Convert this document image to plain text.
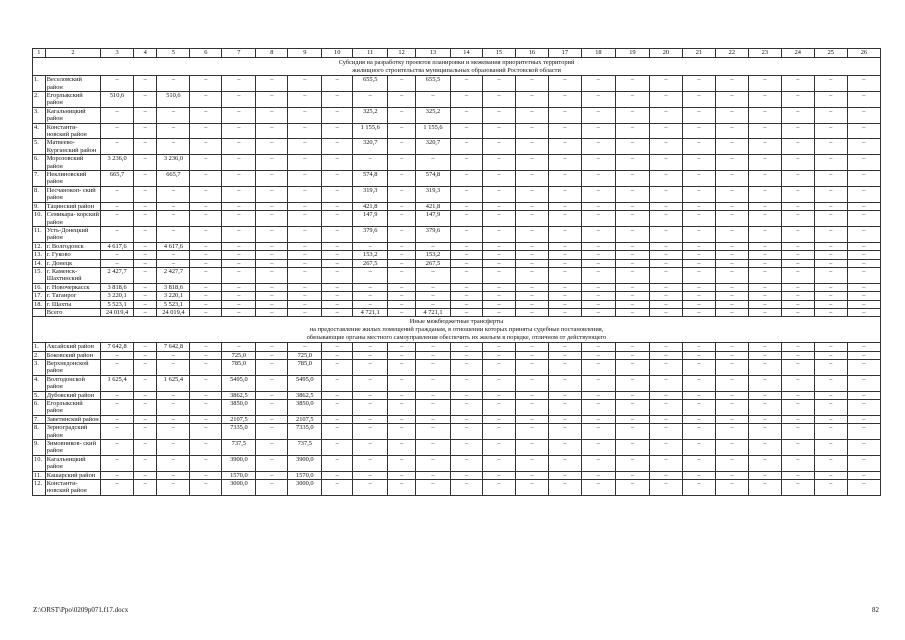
1	2	3	4	5	6	7	8	9	10	11	12	13	14	15	16	17	18	19	20	21	22	23	24	25	26

Субсидия на разработку проектов планировки и межевания приоритетных территорий
жилищного строительства муниципальных образований Ростовской области																									

1.	Веселовский район	–	–	–	–	–	–	–	–	655,5	–	655,5	–	–	–	–	–	–	–	–	–	–	–	–	–
2.	Егорлыкский район	510,6	–	510,6	–	–	–	–	–	–	–	–	–	–	–	–	–	–	–	–	–	–	–	–	–
3.	Кагальницкий район	–	–	–	–	–	–	–	–	325,2	–	325,2	–	–	–	–	–	–	–	–	–	–	–	–	–
4.	Константи- новский район	–	–	–	–	–	–	–	–	1 155,6	–	1 155,6	–	–	–	–	–	–	–	–	–	–	–	–	–
5.	Матвеево- Курганский район	–	–	–	–	–	–	–	–	320,7	–	320,7	–	–	–	–	–	–	–	–	–	–	–	–	–
6.	Морозовский район	3 236,0	–	3 236,0	–	–	–	–	–	–	–	–	–	–	–	–	–	–	–	–	–	–	–	–	–
7.	Неклиновский район	665,7	–	665,7	–	–	–	–	–	574,8	–	574,8	–	–	–	–	–	–	–	–	–	–	–	–	–
8.	Песчанокоп- ский район	–	–	–	–	–	–	–	–	319,3	–	319,3	–	–	–	–	–	–	–	–	–	–	–	–	–
9.	Тацинский район	–	–	–	–	–	–	–	–	421,8	–	421,8	–	–	–	–	–	–	–	–	–	–	–	–	–
10.	Семикара- корский район	–	–	–	–	–	–	–	–	147,9	–	147,9	–	–	–	–	–	–	–	–	–	–	–	–	–
11.	Усть-Донецкий район	–	–	–	–	–	–	–	–	379,6	–	379,6	–	–	–	–	–	–	–	–	–	–	–	–	–
12.	г. Волгодонск	4 617,6	–	4 617,6	–	–	–	–	–	–	–	–	–	–	–	–	–	–	–	–	–	–	–	–	–
13.	г. Гуково	–	–	–	–	–	–	–	–	153,2	–	153,2	–	–	–	–	–	–	–	–	–	–	–	–	–
14.	г. Донецк	–	–	–	–	–	–	–	–	267,5	–	267,5	–	–	–	–	–	–	–	–	–	–	–	–	–
15.	г. Каменск- Шахтинский	2 427,7	–	2 427,7	–	–	–	–	–	–	–	–	–	–	–	–	–	–	–	–	–	–	–	–	–
16.	г. Новочеркасск	3 818,6	–	3 818,6	–	–	–	–	–	–	–	–	–	–	–	–	–	–	–	–	–	–	–	–	–
17.	г. Таганрог	3 220,1	–	3 220,1	–	–	–	–	–	–	–	–	–	–	–	–	–	–	–	–	–	–	–	–	–
18.	г. Шахты	5 523,1	–	5 523,1	–	–	–	–	–	–	–	–	–	–	–	–	–	–	–	–	–	–	–	–	–
	Всего	24 019,4	–	24 019,4	–	–	–	–	–	4 721,1	–	4 721,1	–	–	–	–	–	–	–	–	–	–	–	–	–

Иные межбюджетные трансферты
на предоставление жилых помещений гражданам, в отношении которых приняты судебные постановления,
обязывающие органы местного самоуправления обеспечить их жильем в порядке, отличном от действующего																									

1.	Аксайский район	7 642,8	–	7 642,8	–	–	–	–	–	–	–	–	–	–	–	–	–	–	–	–	–	–	–	–	–
2.	Боковский район	–	–	–	–	725,0	–	725,0	–	–	–	–	–	–	–	–	–	–	–	–	–	–	–	–	–
3.	Верхнедонской район	–	–	–	–	785,0	–	785,0	–	–	–	–	–	–	–	–	–	–	–	–	–	–	–	–	–
4.	Волгодонской район	1 625,4	–	1 625,4	–	5495,0	–	5495,0	–	–	–	–	–	–	–	–	–	–	–	–	–	–	–	–	–
5.	Дубовский район	–	–	–	–	3862,5	–	3862,5	–	–	–	–	–	–	–	–	–	–	–	–	–	–	–	–	–
6.	Егорлыкский район	–	–	–	–	3850,0	–	3850,0	–	–	–	–	–	–	–	–	–	–	–	–	–	–	–	–	–
7.	Заветинский район	–	–	–	–	2107,5	–	2107,5	–	–	–	–	–	–	–	–	–	–	–	–	–	–	–	–	–
8.	Зерноградский район	–	–	–	–	7335,0	–	7335,0	–	–	–	–	–	–	–	–	–	–	–	–	–	–	–	–	–
9.	Зимовников- ский район	–	–	–	–	737,5	–	737,5	–	–	–	–	–	–	–	–	–	–	–	–	–	–	–	–	–
10.	Кагальницкий район	–	–	–	–	3900,0	–	3900,0	–	–	–	–	–	–	–	–	–	–	–	–	–	–	–	–	–
11.	Кашарский район	–	–	–	–	1570,0	–	1570,0	–	–	–	–	–	–	–	–	–	–	–	–	–	–	–	–	–
12.	Константи- новский район	–	–	–	–	3000,0	–	3000,0	–	–	–	–	–	–	–	–	–	–	–	–	–	–	–	–	–
Z:\ORST\Ppo\0209p071.f17.docx	82
